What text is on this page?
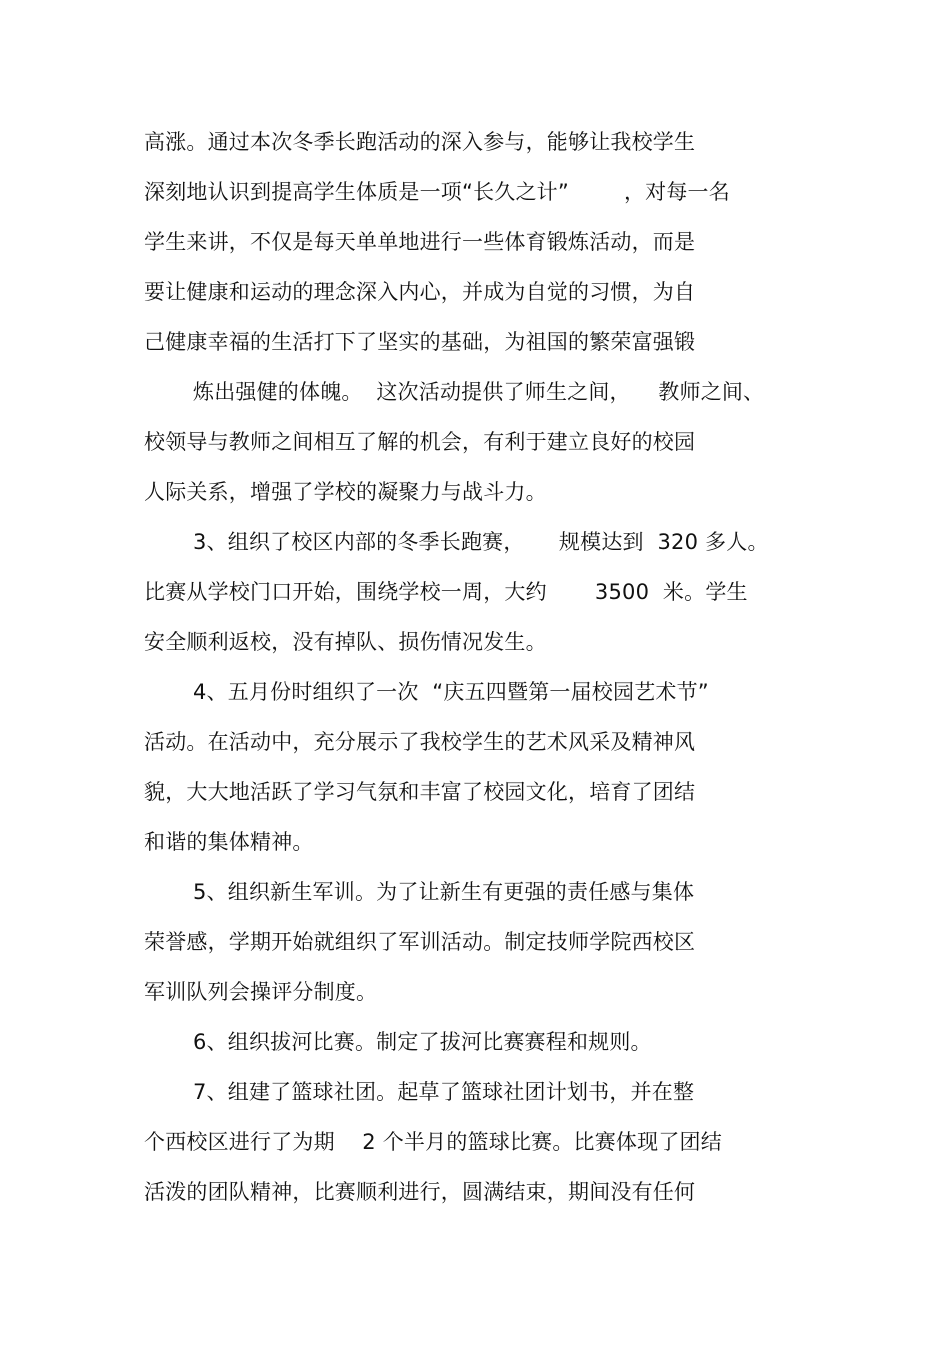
高涨。通过本次冬季长跑活动的深入参与，能够让我校学生
深刻地认识到提高学生体质是一项“长久之计”        ，对每一名
学生来讲，不仅是每天单单地进行一些体育锻炼活动，而是
要让健康和运动的理念深入内心，并成为自觉的习惯，为自
己健康幸福的生活打下了坚实的基础，为祖国的繁荣富强锻
炼出强健的体魄。  这次活动提供了师生之间，    教师之间、
校领导与教师之间相互了解的机会，有利于建立良好的校园
人际关系，增强了学校的凝聚力与战斗力。
3、组织了校区内部的冬季长跑赛，     规模达到  320 多人。
比赛从学校门口开始，围绕学校一周，大约       3500  米。学生
安全顺利返校，没有掉队、损伤情况发生。
4、五月份时组织了一次  “庆五四暨第一届校园艺术节”
活动。在活动中，充分展示了我校学生的艺术风采及精神风
貌，大大地活跃了学习气氛和丰富了校园文化，培育了团结
和谐的集体精神。
5、组织新生军训。为了让新生有更强的责任感与集体
荣誉感，学期开始就组织了军训活动。制定技师学院西校区
军训队列会操评分制度。
6、组织拔河比赛。制定了拔河比赛赛程和规则。
7、组建了篮球社团。起草了篮球社团计划书，并在整
个西校区进行了为期    2 个半月的篮球比赛。比赛体现了团结
活泼的团队精神，比赛顺利进行，圆满结束，期间没有任何
